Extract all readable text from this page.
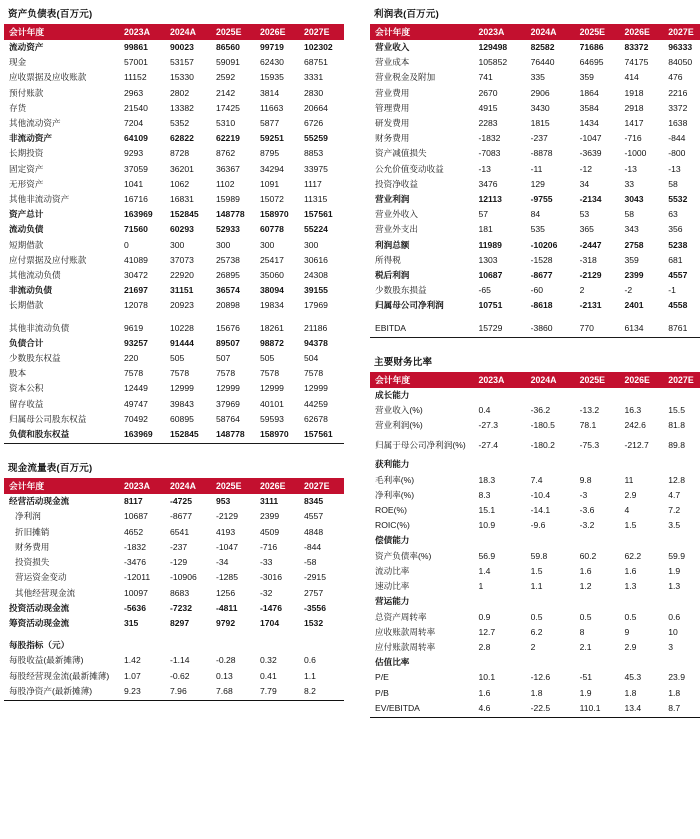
资产负债表(百万元)
会计年度	2023A	2024A	2025E	2026E	2027E
流动资产	99861	90023	86560	99719	102302
现金	57001	53157	59091	62430	68751
应收票据及应收账款	11152	15330	2592	15935	3331
预付账款	2963	2802	2142	3814	2830
存货	21540	13382	17425	11663	20664
其他流动资产	7204	5352	5310	5877	6726
非流动资产	64109	62822	62219	59251	55259
长期投资	9293	8728	8762	8795	8853
固定资产	37059	36201	36367	34294	33975
无形资产	1041	1062	1102	1091	1117
其他非流动资产	16716	16831	15989	15072	11315
资产总计	163969	152845	148778	158970	157561
流动负债	71560	60293	52933	60778	55224
短期借款	0	300	300	300	300
应付票据及应付账款	41089	37073	25738	25417	30616
其他流动负债	30472	22920	26895	35060	24308
非流动负债	21697	31151	36574	38094	39155
长期借款	12078	20923	20898	19834	17969

其他非流动负债	9619	10228	15676	18261	21186
负债合计	93257	91444	89507	98872	94378
少数股东权益	220	505	507	505	504
股本	7578	7578	7578	7578	7578
资本公积	12449	12999	12999	12999	12999
留存收益	49747	39843	37969	40101	44259
归属母公司股东权益	70492	60895	58764	59593	62678
负债和股东权益	163969	152845	148778	158970	157561
现金流量表(百万元)
会计年度	2023A	2024A	2025E	2026E	2027E
经营活动现金流	8117	-4725	953	3111	8345
净利润	10687	-8677	-2129	2399	4557
折旧摊销	4652	6541	4193	4509	4848
财务费用	-1832	-237	-1047	-716	-844
投资损失	-3476	-129	-34	-33	-58
营运资金变动	-12011	-10906	-1285	-3016	-2915
其他经营现金流	10097	8683	1256	-32	2757
投资活动现金流	-5636	-7232	-4811	-1476	-3556
筹资活动现金流	315	8297	9792	1704	1532

每股指标（元）					
每股收益(最新摊薄)	1.42	-1.14	-0.28	0.32	0.6
每股经营现金流(最新摊薄)	1.07	-0.62	0.13	0.41	1.1
每股净资产(最新摊薄)	9.23	7.96	7.68	7.79	8.2
利润表(百万元)
会计年度	2023A	2024A	2025E	2026E	2027E
营业收入	129498	82582	71686	83372	96333
营业成本	105852	76440	64695	74175	84050
营业税金及附加	741	335	359	414	476
营业费用	2670	2906	1864	1918	2216
管理费用	4915	3430	3584	2918	3372
研发费用	2283	1815	1434	1417	1638
财务费用	-1832	-237	-1047	-716	-844
资产减值损失	-7083	-8878	-3639	-1000	-800
公允价值变动收益	-13	-11	-12	-13	-13
投资净收益	3476	129	34	33	58
营业利润	12113	-9755	-2134	3043	5532
营业外收入	57	84	53	58	63
营业外支出	181	535	365	343	356
利润总额	11989	-10206	-2447	2758	5238
所得税	1303	-1528	-318	359	681
税后利润	10687	-8677	-2129	2399	4557
少数股东损益	-65	-60	2	-2	-1
归属母公司净利润	10751	-8618	-2131	2401	4558

EBITDA	15729	-3860	770	6134	8761
主要财务比率
会计年度	2023A	2024A	2025E	2026E	2027E
成长能力					
营业收入(%)	0.4	-36.2	-13.2	16.3	15.5
营业利润(%)	-27.3	-180.5	78.1	242.6	81.8
归属于母公司净利润(%)	-27.4	-180.2	-75.3	-212.7	89.8
获利能力					
毛利率(%)	18.3	7.4	9.8	11	12.8
净利率(%)	8.3	-10.4	-3	2.9	4.7
ROE(%)	15.1	-14.1	-3.6	4	7.2
ROIC(%)	10.9	-9.6	-3.2	1.5	3.5
偿债能力					
资产负债率(%)	56.9	59.8	60.2	62.2	59.9
流动比率	1.4	1.5	1.6	1.6	1.9
速动比率	1	1.1	1.2	1.3	1.3
营运能力					
总资产周转率	0.9	0.5	0.5	0.5	0.6
应收账款周转率	12.7	6.2	8	9	10
应付账款周转率	2.8	2	2.1	2.9	3
估值比率					
P/E	10.1	-12.6	-51	45.3	23.9
P/B	1.6	1.8	1.9	1.8	1.8
EV/EBITDA	4.6	-22.5	110.1	13.4	8.7
